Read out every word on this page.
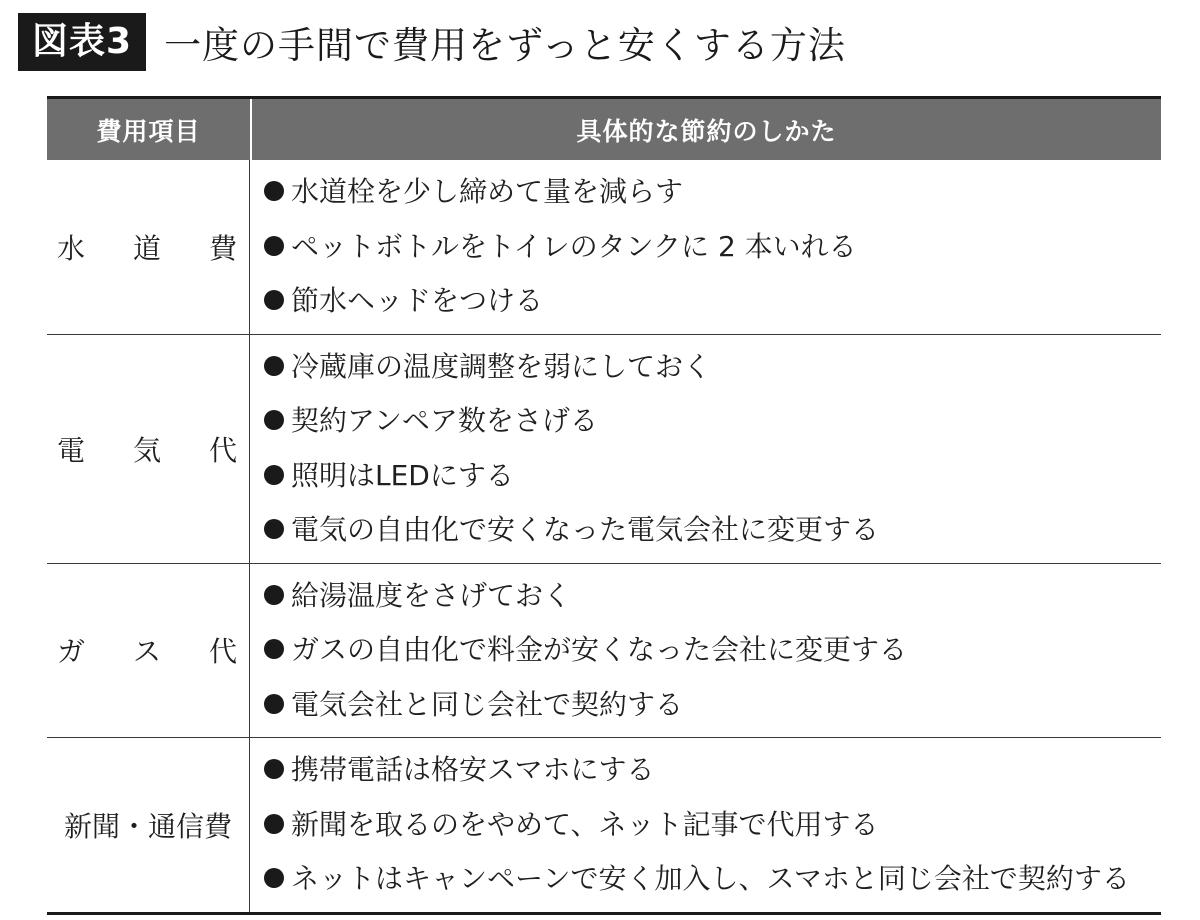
図表3 一度の手間で費用をずっと安くする方法
費用項目	具体的な節約のしかた
水 道 費
水道栓を少し締めて量を減らす
ペットボトルをトイレのタンクに 2 本いれる
節水ヘッドをつける
電 気 代
冷蔵庫の温度調整を弱にしておく
契約アンペア数をさげる
照明はLEDにする
電気の自由化で安くなった電気会社に変更する
ガ ス 代
給湯温度をさげておく
ガスの自由化で料金が安くなった会社に変更する
電気会社と同じ会社で契約する
新聞・通信費
携帯電話は格安スマホにする
新聞を取るのをやめて、ネット記事で代用する
ネットはキャンペーンで安く加入し、スマホと同じ会社で契約する
